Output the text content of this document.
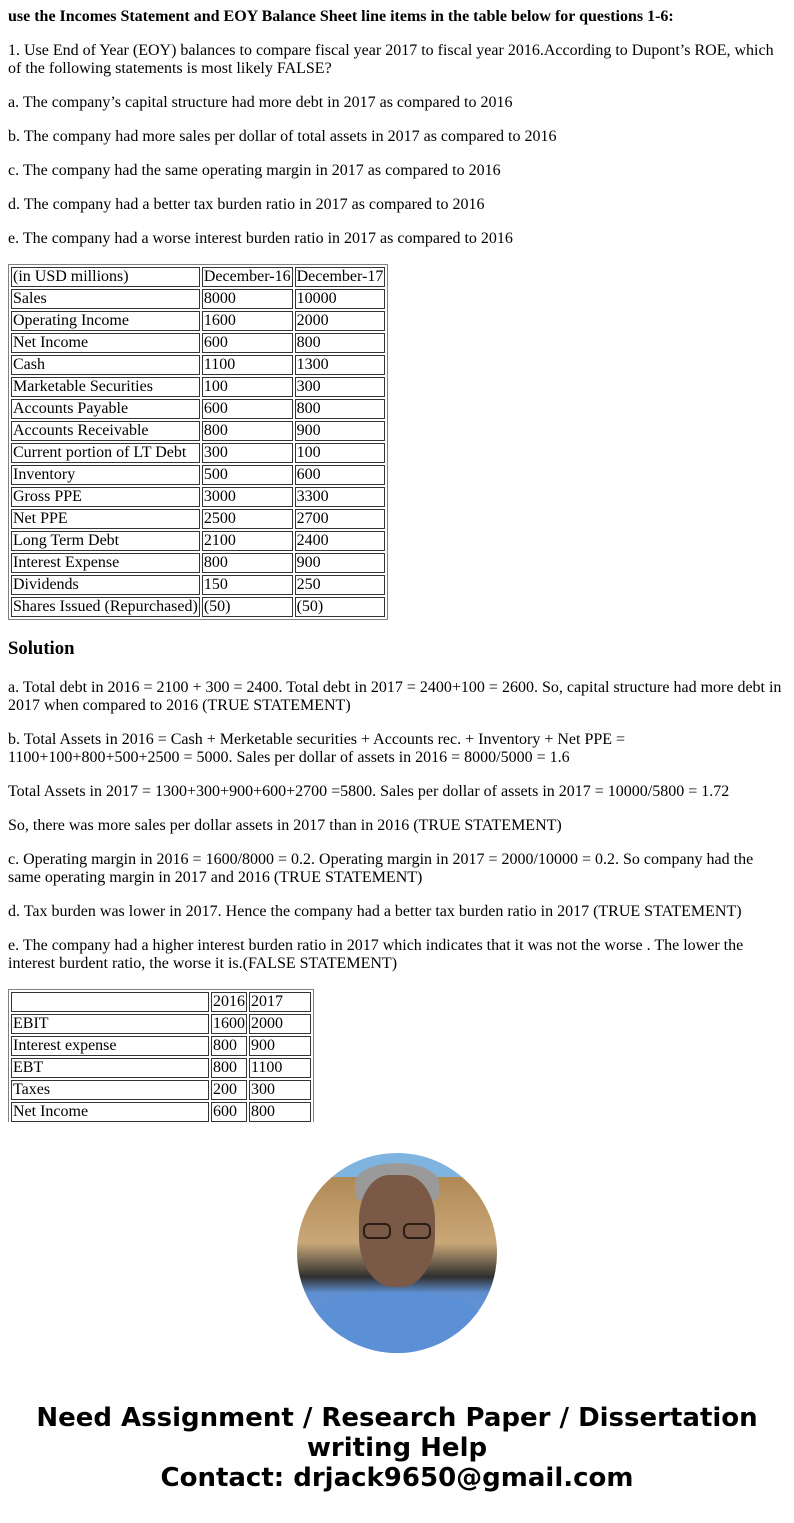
use the Incomes Statement and EOY Balance Sheet line items in the table below for questions 1-6:

1. Use End of Year (EOY) balances to compare fiscal year 2017 to fiscal year 2016.According to Dupont’s ROE, which of the following statements is most likely FALSE?

a. The company’s capital structure had more debt in 2017 as compared to 2016

b. The company had more sales per dollar of total assets in 2017 as compared to 2016

c. The company had the same operating margin in 2017 as compared to 2016

d. The company had a better tax burden ratio in 2017 as compared to 2016

e. The company had a worse interest burden ratio in 2017 as compared to 2016

(in USD millions)	December-16	December-17
Sales	8000	10000
Operating Income	1600	2000
Net Income	600	800
Cash	1100	1300
Marketable Securities	100	300
Accounts Payable	600	800
Accounts Receivable	800	900
Current portion of LT Debt	300	100
Inventory	500	600
Gross PPE	3000	3300
Net PPE	2500	2700
Long Term Debt	2100	2400
Interest Expense	800	900
Dividends	150	250
Shares Issued (Repurchased)	(50)	(50)

Solution

a. Total debt in 2016 = 2100 + 300 = 2400. Total debt in 2017 = 2400+100 = 2600. So, capital structure had more debt in 2017 when compared to 2016 (TRUE STATEMENT)

b. Total Assets in 2016 = Cash + Merketable securities + Accounts rec. + Inventory + Net PPE = 1100+100+800+500+2500 = 5000. Sales per dollar of assets in 2016 = 8000/5000 = 1.6

Total Assets in 2017 = 1300+300+900+600+2700 =5800. Sales per dollar of assets in 2017 = 10000/5800 = 1.72

So, there was more sales per dollar assets in 2017 than in 2016 (TRUE STATEMENT)

c. Operating margin in 2016 = 1600/8000 = 0.2. Operating margin in 2017 = 2000/10000 = 0.2. So company had the same operating margin in 2017 and 2016 (TRUE STATEMENT)

d. Tax burden was lower in 2017. Hence the company had a better tax burden ratio in 2017 (TRUE STATEMENT)

e. The company had a higher interest burden ratio in 2017 which indicates that it was not the worse . The lower the interest burdent ratio, the worse it is.(FALSE STATEMENT)

	2016	2017
EBIT	1600	2000
Interest expense	800	900
EBT	800	1100
Taxes	200	300
Net Income	600	800
Need Assignment / Research Paper / Dissertation
writing Help
Contact: drjack9650@gmail.com
